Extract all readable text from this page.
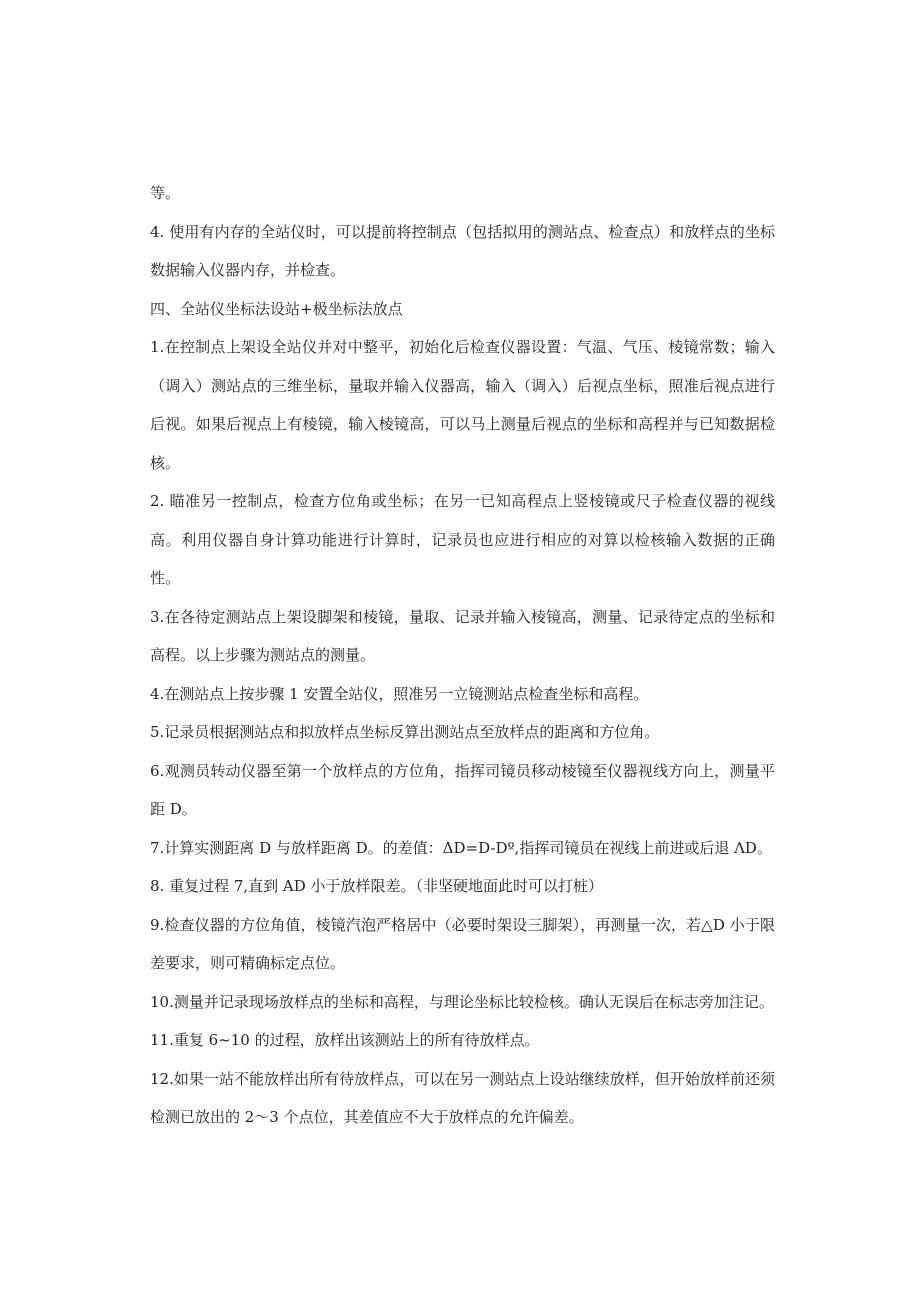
等。

4. 使用有内存的全站仪时，可以提前将控制点（包括拟用的测站点、检查点）和放样点的坐标数据输入仪器内存，并检查。

四、全站仪坐标法设站+极坐标法放点

1.在控制点上架设全站仪并对中整平，初始化后检查仪器设置：气温、气压、棱镜常数；输入（调入）测站点的三维坐标，量取并输入仪器高，输入（调入）后视点坐标，照准后视点进行后视。如果后视点上有棱镜，输入棱镜高，可以马上测量后视点的坐标和高程并与已知数据检核。

2. 瞄准另一控制点，检查方位角或坐标；在另一已知高程点上竖棱镜或尺子检查仪器的视线高。利用仪器自身计算功能进行计算时，记录员也应进行相应的对算以检核输入数据的正确性。

3.在各待定测站点上架设脚架和棱镜，量取、记录并输入棱镜高，测量、记录待定点的坐标和高程。以上步骤为测站点的测量。

4.在测站点上按步骤 1 安置全站仪，照准另一立镜测站点检查坐标和高程。

5.记录员根据测站点和拟放样点坐标反算出测站点至放样点的距离和方位角。

6.观测员转动仪器至第一个放样点的方位角，指挥司镜员移动棱镜至仪器视线方向上，测量平距 D。

7.计算实测距离 D 与放样距离 D。的差值：ΔD=D-Dº,指挥司镜员在视线上前进或后退 ΛD。

8. 重复过程 7,直到 AD 小于放样限差。（非坚硬地面此时可以打桩）

9.检查仪器的方位角值，棱镜汽泡严格居中（必要时架设三脚架），再测量一次，若△D 小于限差要求，则可精确标定点位。

10.测量并记录现场放样点的坐标和高程，与理论坐标比较检核。确认无误后在标志旁加注记。

11.重复 6~10 的过程，放样出该测站上的所有待放样点。

12.如果一站不能放样出所有待放样点，可以在另一测站点上设站继续放样，但开始放样前还须检测已放出的 2～3 个点位，其差值应不大于放样点的允许偏差。
